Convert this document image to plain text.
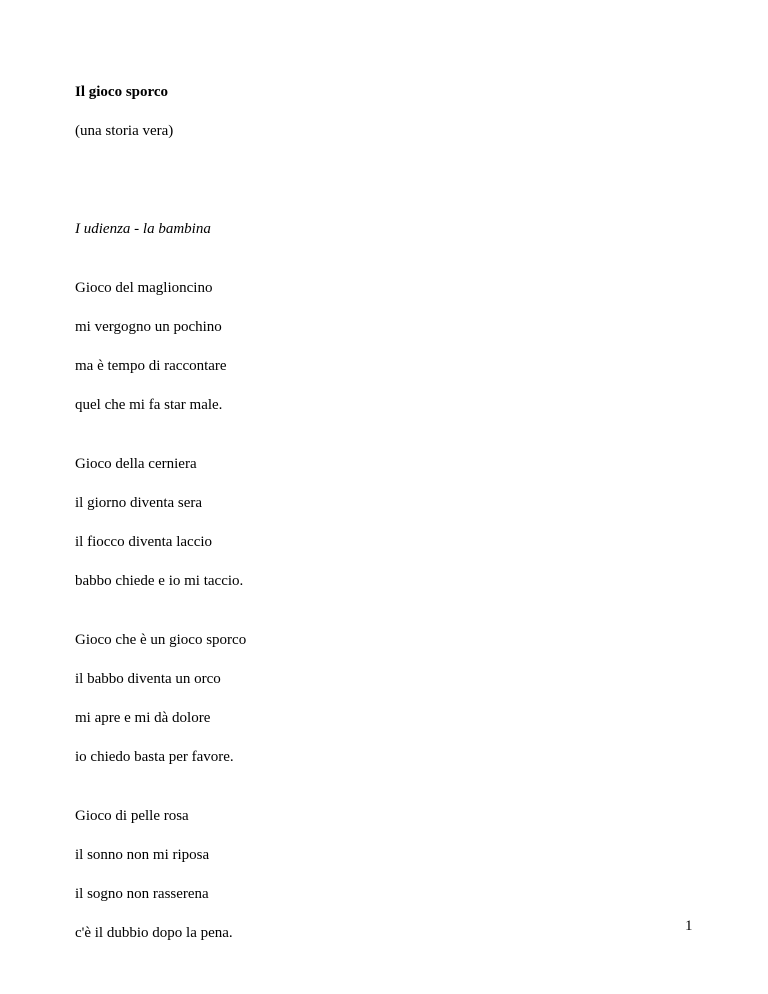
Il gioco sporco
(una storia vera)
I udienza - la bambina
Gioco del maglioncino
mi vergogno un pochino
ma è tempo di raccontare
quel che mi fa star male.
Gioco della cerniera
il giorno diventa sera
il fiocco diventa laccio
babbo chiede e io mi taccio.
Gioco che è un gioco sporco
il babbo diventa un orco
mi apre e mi dà dolore
io chiedo basta per favore.
Gioco di pelle rosa
il sonno non mi riposa
il sogno non rasserena
c'è il dubbio dopo la pena.	1
